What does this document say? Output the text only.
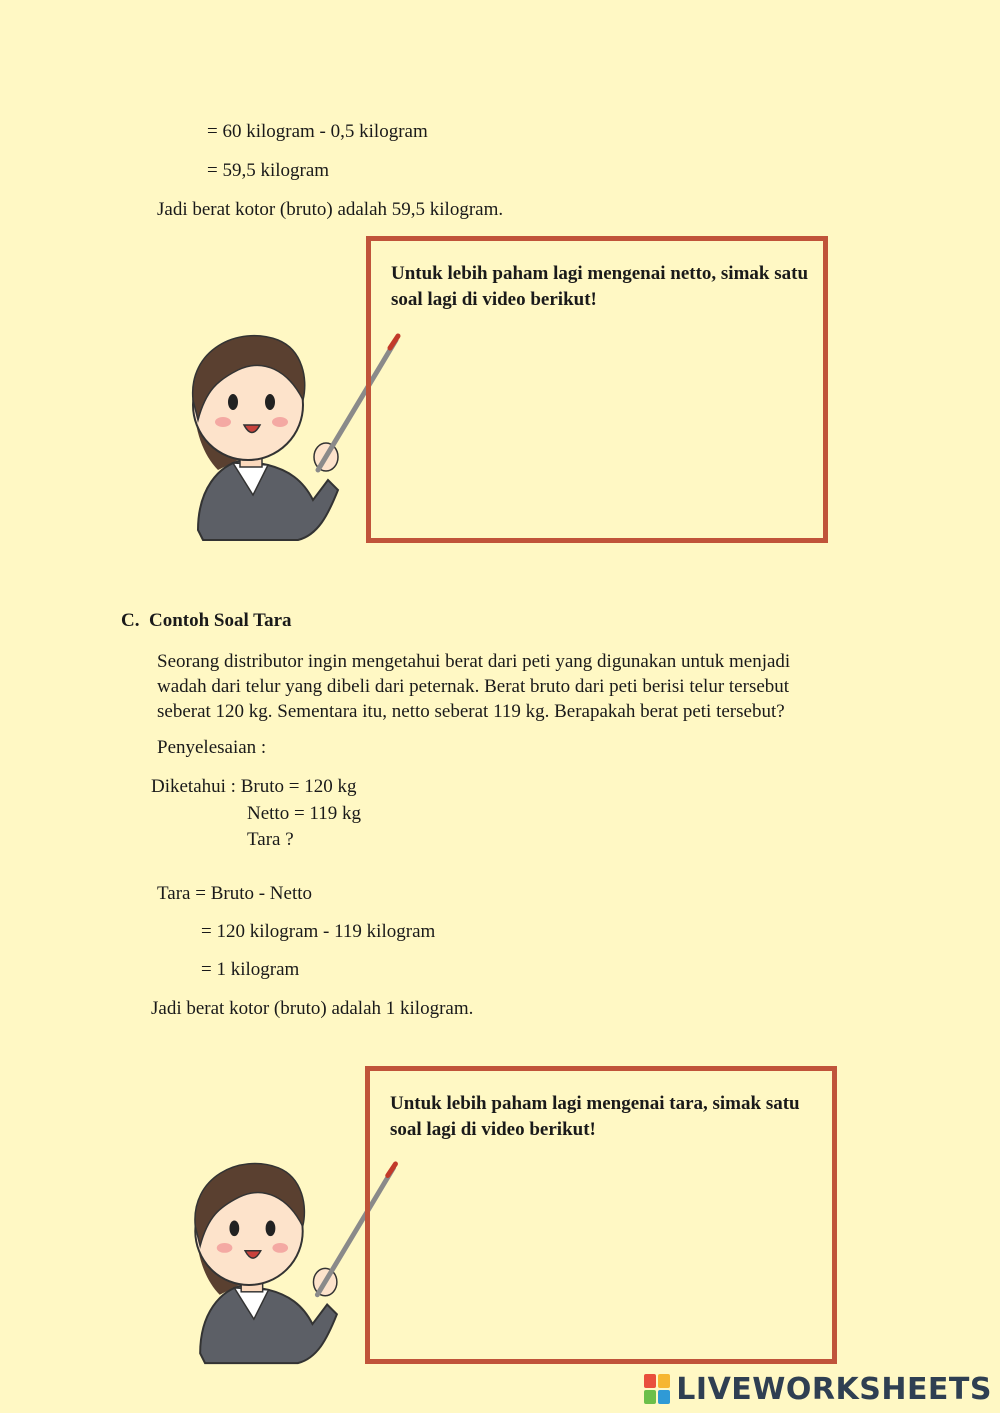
= 60 kilogram - 0,5 kilogram
= 59,5 kilogram
Jadi berat kotor (bruto) adalah 59,5 kilogram.
Untuk lebih paham lagi mengenai netto, simak satu soal lagi di video berikut!
C.  Contoh Soal Tara
Seorang distributor ingin mengetahui berat dari peti yang digunakan untuk menjadi wadah dari telur yang dibeli dari peternak. Berat bruto dari peti berisi telur tersebut seberat 120 kg. Sementara itu, netto seberat 119 kg. Berapakah berat peti tersebut?
Penyelesaian :
Diketahui : Bruto = 120 kg
Netto = 119 kg
Tara ?
Tara = Bruto - Netto
= 120 kilogram - 119 kilogram
= 1 kilogram
Jadi berat kotor (bruto) adalah 1 kilogram.
Untuk lebih paham lagi mengenai tara, simak satu soal lagi di video berikut!
LIVEWORKSHEETS
